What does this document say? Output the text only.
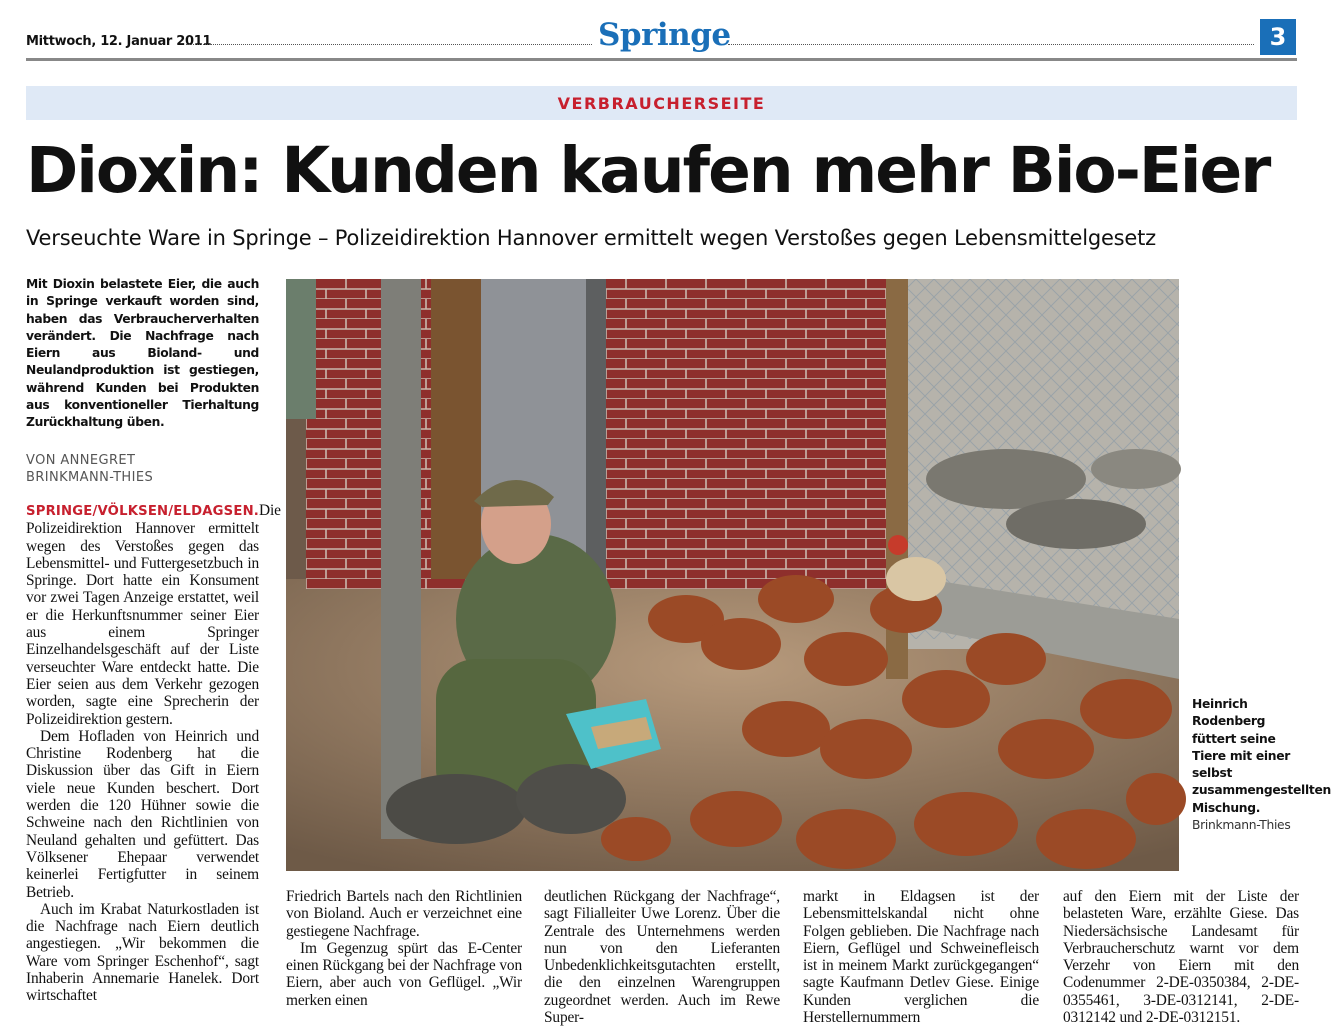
Mittwoch, 12. Januar 2011	Springe	3
VERBRAUCHERSEITE
Dioxin: Kunden kaufen mehr Bio-Eier
Verseuchte Ware in Springe – Polizeidirektion Hannover ermittelt wegen Verstoßes gegen Lebensmittelgesetz
Mit Dioxin belastete Eier, die auch in Springe verkauft worden sind, haben das Verbraucherverhalten verändert. Die Nachfrage nach Eiern aus Bioland- und Neulandproduktion ist gestiegen, während Kunden bei Produkten aus konventioneller Tierhaltung Zurückhaltung üben.
VON ANNEGRET
BRINKMANN-THIES

SPRINGE/VÖLKSEN/ELDAGSEN.Die Polizeidirektion Hannover ermittelt wegen des Verstoßes gegen das Lebensmittel- und Futtergesetzbuch in Springe. Dort hatte ein Konsument vor zwei Tagen Anzeige erstattet, weil er die Herkunftsnummer seiner Eier aus einem Springer Einzelhandelsgeschäft auf der Liste verseuchter Ware entdeckt hatte. Die Eier seien aus dem Verkehr gezogen worden, sagte eine Sprecherin der Polizeidirektion gestern.

Dem Hofladen von Heinrich und Christine Rodenberg hat die Diskussion über das Gift in Eiern viele neue Kunden beschert. Dort werden die 120 Hühner sowie die Schweine nach den Richtlinien von Neuland gehalten und gefüttert. Das Völksener Ehepaar verwendet keinerlei Fertigfutter in seinem Betrieb.

Auch im Krabat Naturkostladen ist die Nachfrage nach Eiern deutlich angestiegen. „Wir bekommen die Ware vom Springer Eschenhof“, sagt Inhaberin Annemarie Hanelek. Dort wirtschaftet

Heinrich Rodenberg füttert seine Tiere mit einer selbst zusammengestellten Mischung.
Brinkmann-Thies

Friedrich Bartels nach den Richtlinien von Bioland. Auch er verzeichnet eine gestiegene Nachfrage.

Im Gegenzug spürt das E-Center einen Rückgang bei der Nachfrage von Eiern, aber auch von Geflügel. „Wir merken einen

deutlichen Rückgang der Nachfrage“, sagt Filialleiter Uwe Lorenz. Über die Zentrale des Unternehmens werden nun von den Lieferanten Unbedenklichkeitsgutachten erstellt, die den einzelnen Warengruppen zugeordnet werden. Auch im Rewe Super-

markt in Eldagsen ist der Lebensmittelskandal nicht ohne Folgen geblieben. Die Nachfrage nach Eiern, Geflügel und Schweinefleisch ist in meinem Markt zurückgegangen“ sagte Kaufmann Detlev Giese. Einige Kunden verglichen die Herstellernummern

auf den Eiern mit der Liste der belasteten Ware, erzählte Giese. Das Niedersächsische Landesamt für Verbraucherschutz warnt vor dem Verzehr von Eiern mit den Codenummer 2-DE-0350384, 2-DE-0355461, 3-DE-0312141, 2-DE-0312142 und 2-DE-0312151.
